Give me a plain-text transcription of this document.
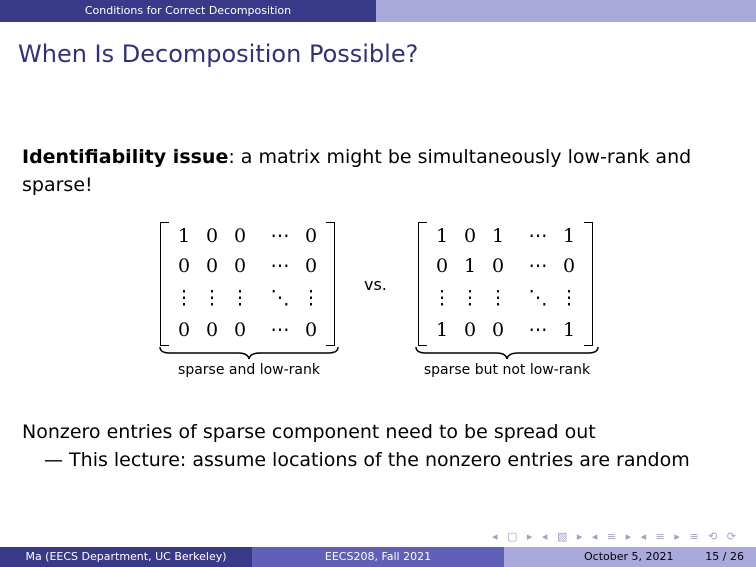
Conditions for Correct Decomposition
When Is Decomposition Possible?
Identifiability issue: a matrix might be simultaneously low-rank and sparse!
1 0 0	⋯ 0
0 0 0	⋯ 0
⋮ ⋮ ⋮	⋱ ⋮
0 0 0	⋯ 0
1 0 1	⋯ 1
0 1 0	⋯ 0
⋮ ⋮ ⋮	⋱ ⋮
1 0 0	⋯ 1
vs.
sparse and low-rank	sparse but not low-rank
Nonzero entries of sparse component need to be spread out
— This lecture: assume locations of the nonzero entries are random
◂ ▢ ▸ ◂ ▧ ▸ ◂ ≡ ▸ ◂ ≡ ▸ ≡ ⟲ ⟳
Ma (EECS Department, UC Berkeley)	EECS208, Fall 2021	October 5, 2021	15 / 26
